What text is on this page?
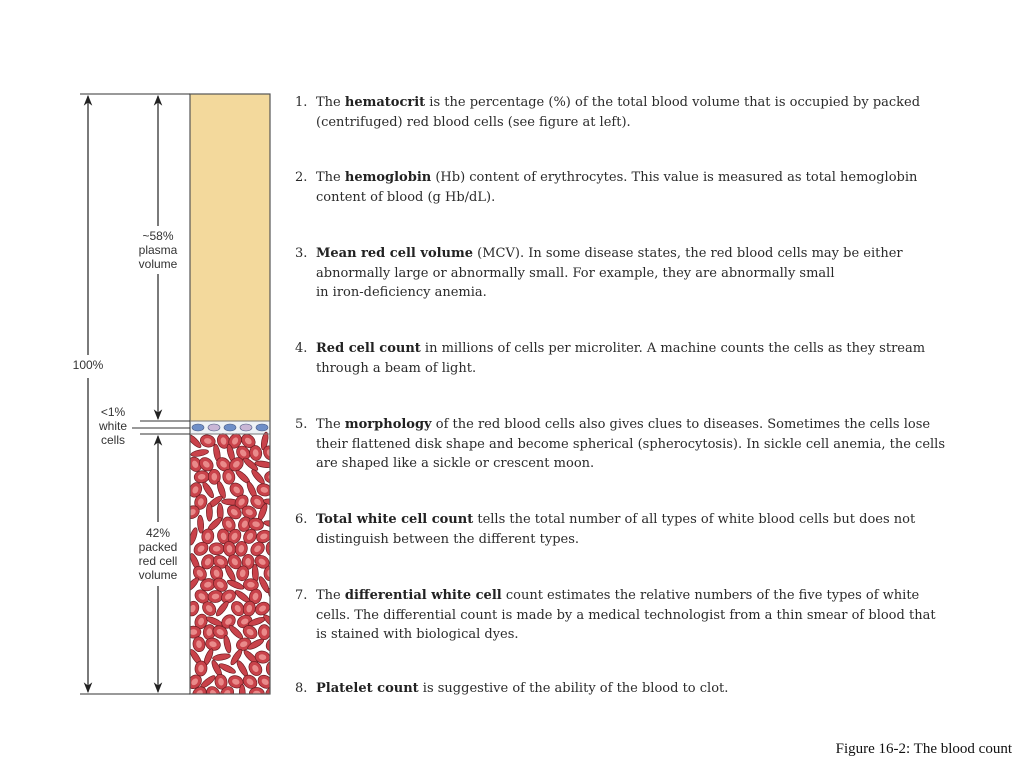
100%
~58%
plasma
volume
<1%
white
cells
42%
packed
red cell
volume
1. The hematocrit is the percentage (%) of the total blood volume that is occupied by packed
(centrifuged) red blood cells (see figure at left).
2. The hemoglobin (Hb) content of erythrocytes. This value is measured as total hemoglobin
content of blood (g Hb/dL).
3. Mean red cell volume (MCV). In some disease states, the red blood cells may be either
abnormally large or abnormally small. For example, they are abnormally small
in iron-deficiency anemia.
4. Red cell count in millions of cells per microliter. A machine counts the cells as they stream
through a beam of light.
5. The morphology of the red blood cells also gives clues to diseases. Sometimes the cells lose
their flattened disk shape and become spherical (spherocytosis). In sickle cell anemia, the cells
are shaped like a sickle or crescent moon.
6. Total white cell count tells the total number of all types of white blood cells but does not
distinguish between the different types.
7. The differential white cell count estimates the relative numbers of the five types of white
cells. The differential count is made by a medical technologist from a thin smear of blood that
is stained with biological dyes.
8. Platelet count is suggestive of the ability of the blood to clot.
Figure 16-2: The blood count
